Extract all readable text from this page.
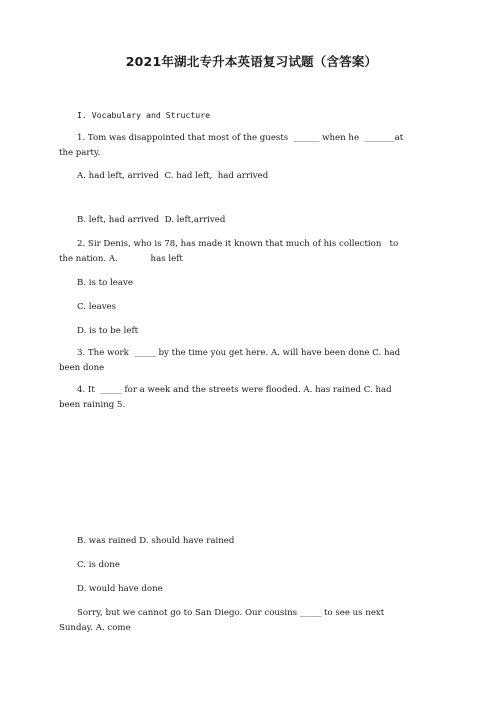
2021年湖北专升本英语复习试题（含答案）
I. Vocabulary and Structure
1. Tom was disappointed that most of the guests  ______ when he  _______at
the party.
A. had left, arrived  C. had left,  had arrived
B. left, had arrived  D. left,arrived
2. Sir Denis, who is 78, has made it known that much of his collection   to
the nation. A.            has left
B. is to leave
C. leaves
D. is to be left
3. The work  _____ by the time you get here. A. will have been done C. had
been done
4. It  _____ for a week and the streets were flooded. A. has rained C. had
been raining 5.
B. was rained D. should have rained
C. is done
D. would have done
Sorry, but we cannot go to San Diego. Our cousins _____ to see us next
Sunday. A. come
